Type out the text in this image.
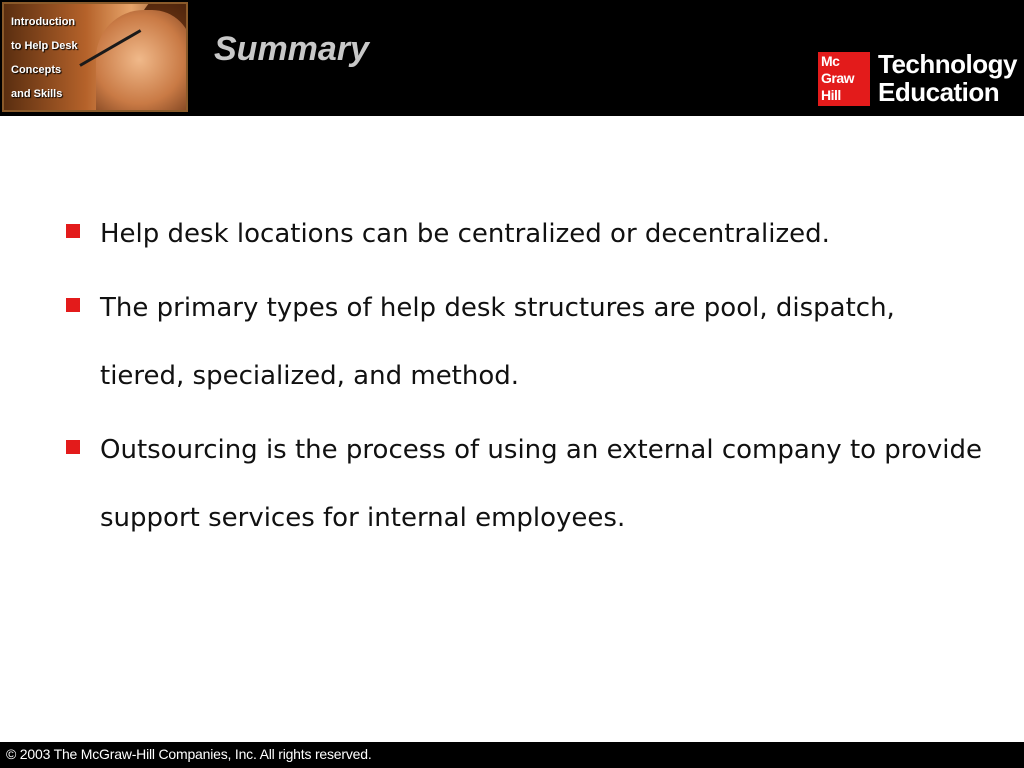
Introduction
to Help Desk
Concepts
and Skills
Summary	Mc
Graw
Hill
Technology
Education
Help desk locations can be centralized or decentralized.
The primary types of help desk structures are pool, dispatch, tiered, specialized, and method.
Outsourcing is the process of using an external company to provide support services for internal employees.
© 2003 The McGraw-Hill Companies, Inc. All rights reserved.
